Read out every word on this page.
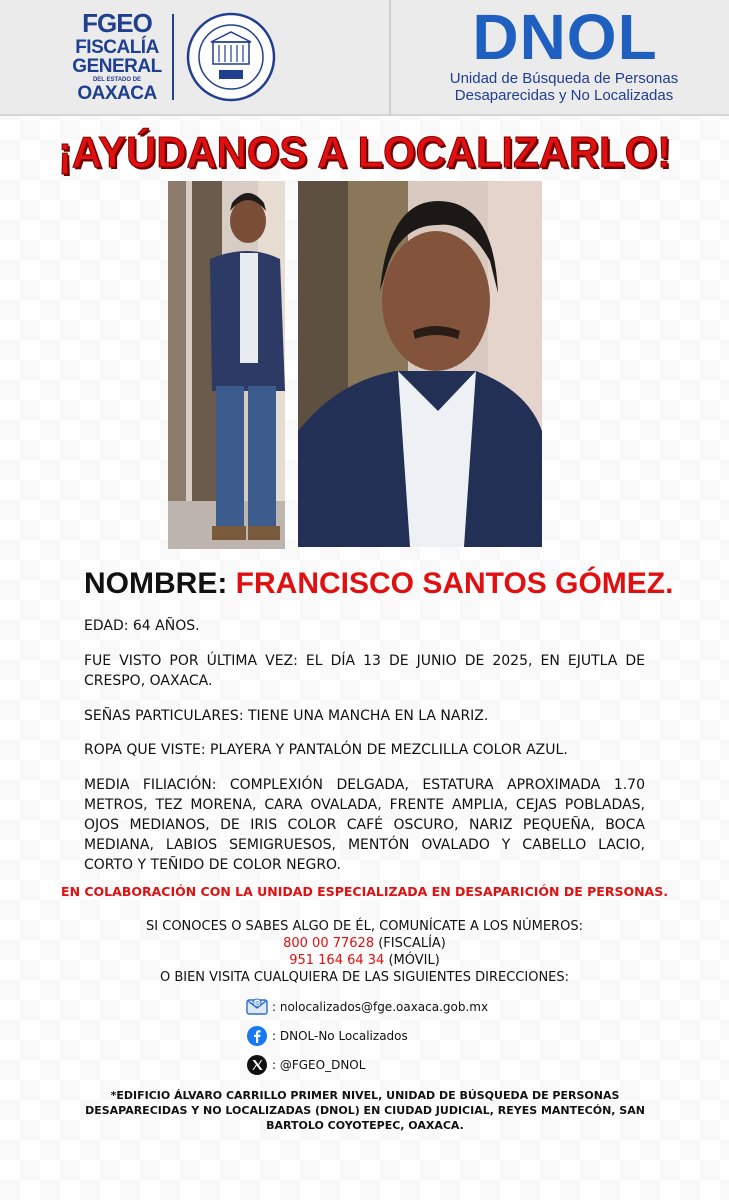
FGEO
FISCALÍA
GENERAL
DEL ESTADO DE
OAXACA
DNOL
Unidad de Búsqueda de Personas
Desaparecidas y No Localizadas
¡AYÚDANOS A LOCALIZARLO!
NOMBRE: FRANCISCO SANTOS GÓMEZ.
EDAD: 64 AÑOS.
FUE VISTO POR ÚLTIMA VEZ: EL DÍA 13 DE JUNIO DE 2025, EN EJUTLA DE CRESPO, OAXACA.
SEÑAS PARTICULARES: TIENE UNA MANCHA EN LA NARIZ.
ROPA QUE VISTE: PLAYERA Y PANTALÓN DE MEZCLILLA COLOR AZUL.
MEDIA FILIACIÓN: COMPLEXIÓN DELGADA, ESTATURA APROXIMADA 1.70 METROS, TEZ MORENA, CARA OVALADA, FRENTE AMPLIA, CEJAS POBLADAS, OJOS MEDIANOS, DE IRIS COLOR CAFÉ OSCURO, NARIZ PEQUEÑA, BOCA MEDIANA, LABIOS SEMIGRUESOS, MENTÓN OVALADO Y CABELLO LACIO, CORTO Y TEÑIDO DE COLOR NEGRO.
EN COLABORACIÓN CON LA UNIDAD ESPECIALIZADA EN DESAPARICIÓN DE PERSONAS.
SI CONOCES O SABES ALGO DE ÉL, COMUNÍCATE A LOS NÚMEROS:
800 00 77628 (FISCALÍA)
951 164 64 34 (MÓVIL)
O BIEN VISITA CUALQUIERA DE LAS SIGUIENTES DIRECCIONES:
@ : nolocalizados@fge.oaxaca.gob.mx
: DNOL-No Localizados
: @FGEO_DNOL
*EDIFICIO ÁLVARO CARRILLO PRIMER NIVEL, UNIDAD DE BÚSQUEDA DE PERSONAS DESAPARECIDAS Y NO LOCALIZADAS (DNOL) EN CIUDAD JUDICIAL, REYES MANTECÓN, SAN BARTOLO COYOTEPEC, OAXACA.
